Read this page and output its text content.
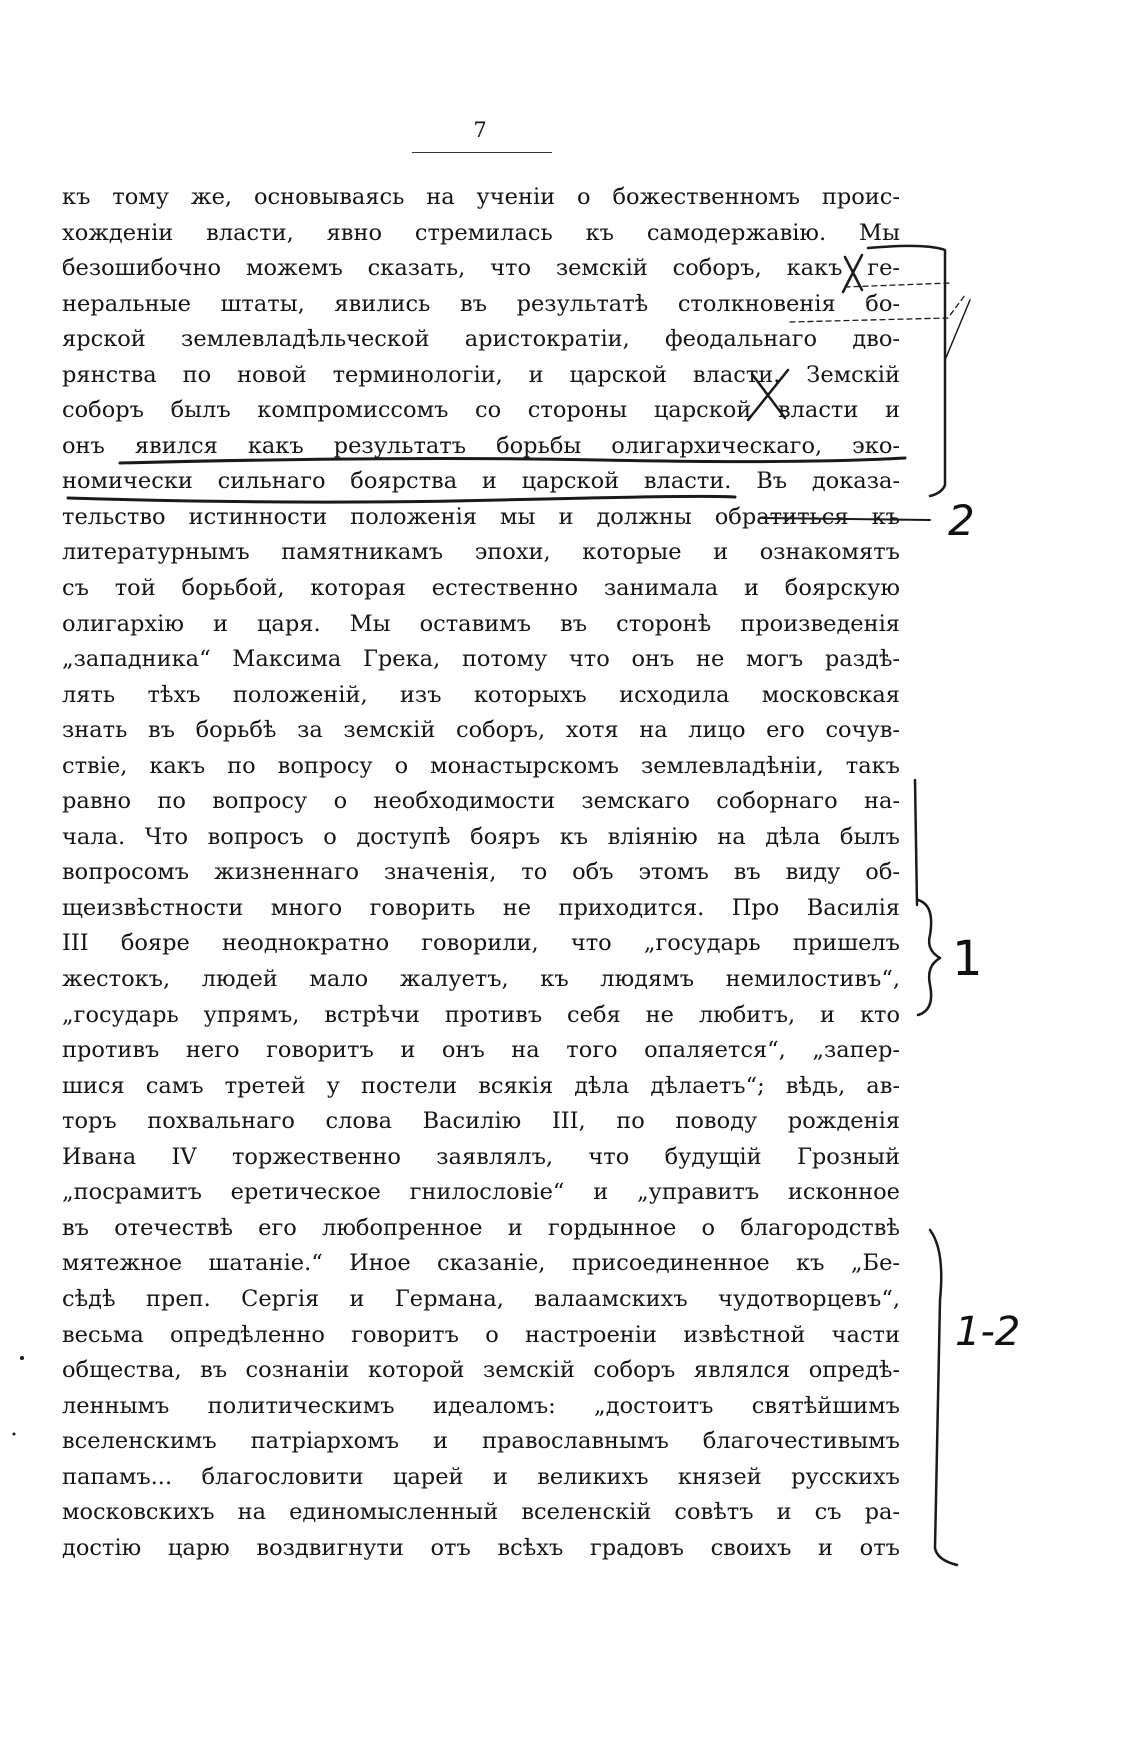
7
къ тому же, основываясь на ученіи о божественномъ проис-
хожденіи власти, явно стремилась къ самодержавію. Мы
безошибочно можемъ сказать, что земскій соборъ, какъ ге-
неральные штаты, явились въ результатѣ столкновенія бо-
ярской землевладѣльческой аристократіи, феодальнаго дво-
рянства по новой терминологіи, и царской власти. Земскій
соборъ былъ компромиссомъ со стороны царской власти и
онъ явился какъ результатъ борьбы олигархическаго, эко-
номически сильнаго боярства и царской власти. Въ доказа-
тельство истинности положенія мы и должны обратиться къ
литературнымъ памятникамъ эпохи, которые и ознакомятъ
съ той борьбой, которая естественно занимала и боярскую
олигархію и царя. Мы оставимъ въ сторонѣ произведенія
„западника“ Максима Грека, потому что онъ не могъ раздѣ-
лять тѣхъ положеній, изъ которыхъ исходила московская
знать въ борьбѣ за земскій соборъ, хотя на лицо его сочув-
ствіе, какъ по вопросу о монастырскомъ землевладѣніи, такъ
равно по вопросу о необходимости земскаго соборнаго на-
чала. Что вопросъ о доступѣ бояръ къ вліянію на дѣла былъ
вопросомъ жизненнаго значенія, то объ этомъ въ виду об-
щеизвѣстности много говорить не приходится. Про Василія
III бояре неоднократно говорили, что „государь пришелъ
жестокъ, людей мало жалуетъ, къ людямъ немилостивъ“,
„государь упрямъ, встрѣчи противъ себя не любитъ, и кто
противъ него говоритъ и онъ на того опаляется“, „запер-
шися самъ третей у постели всякія дѣла дѣлаетъ“; вѣдь, ав-
торъ похвальнаго слова Василію III, по поводу рожденія
Ивана IV торжественно заявлялъ, что будущій Грозный
„посрамитъ еретическое гнилословіе“ и „управитъ исконное
въ отечествѣ его любопренное и гордынное о благородствѣ
мятежное шатаніе.“ Иное сказаніе, присоединенное къ „Бе-
сѣдѣ преп. Сергія и Германа, валаамскихъ чудотворцевъ“,
весьма опредѣленно говоритъ о настроеніи извѣстной части
общества, въ сознаніи которой земскій соборъ являлся опредѣ-
леннымъ политическимъ идеаломъ: „достоитъ святѣйшимъ
вселенскимъ патріархомъ и православнымъ благочестивымъ
папамъ... благословити царей и великихъ князей русскихъ
московскихъ на единомысленный вселенскій совѣтъ и съ ра-
достію царю воздвигнути отъ всѣхъ градовъ своихъ и отъ
2
1
1-2
